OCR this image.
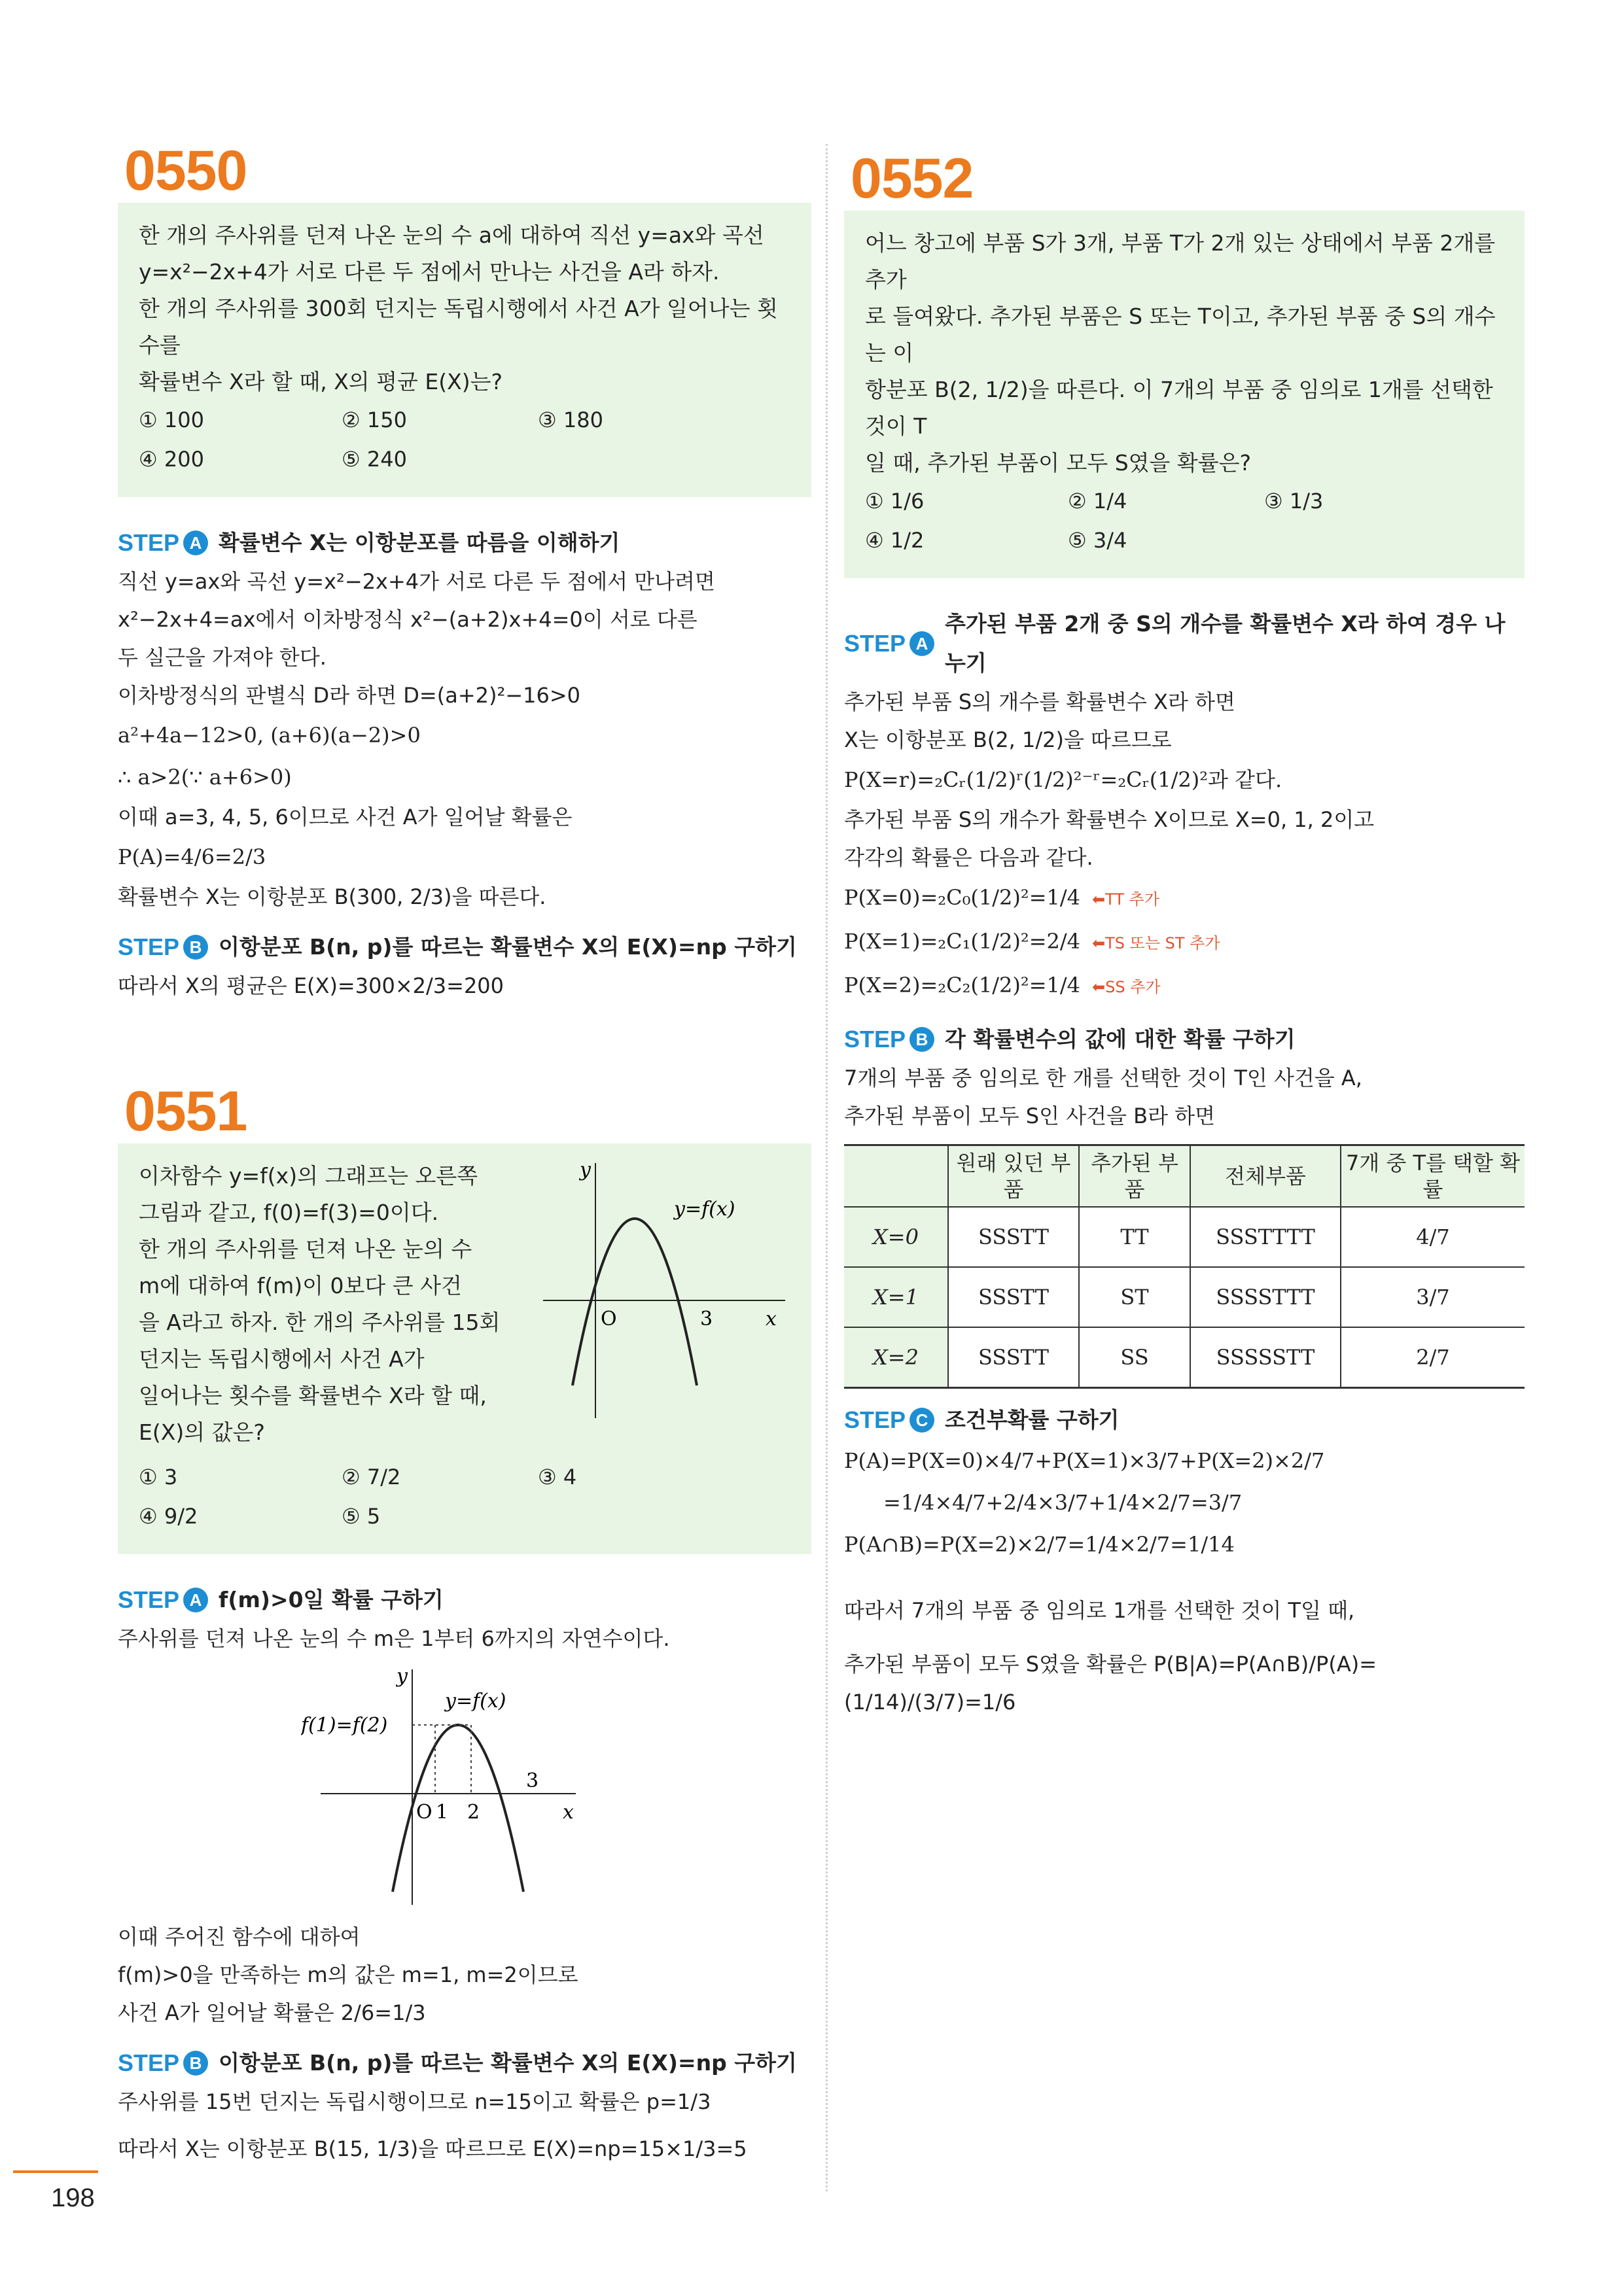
0550

한 개의 주사위를 던져 나온 눈의 수 a에 대하여 직선 y=ax와 곡선

y=x²−2x+4가 서로 다른 두 점에서 만나는 사건을 A라 하자.

한 개의 주사위를 300회 던지는 독립시행에서 사건 A가 일어나는 횟수를

확률변수 X라 할 때, X의 평균 E(X)는?

① 100	② 150	③ 180
④ 200	⑤ 240
STEP A 확률변수 X는 이항분포를 따름을 이해하기

직선 y=ax와 곡선 y=x²−2x+4가 서로 다른 두 점에서 만나려면

x²−2x+4=ax에서 이차방정식 x²−(a+2)x+4=0이 서로 다른

두 실근을 가져야 한다.

이차방정식의 판별식 D라 하면 D=(a+2)²−16>0

a²+4a−12>0, (a+6)(a−2)>0

∴ a>2(∵ a+6>0)

이때 a=3, 4, 5, 6이므로 사건 A가 일어날 확률은

P(A)=4/6=2/3

확률변수 X는 이항분포 B(300, 2/3)을 따른다.

STEP B 이항분포 B(n, p)를 따르는 확률변수 X의 E(X)=np 구하기

따라서 X의 평균은 E(X)=300×2/3=200

0551

이차함수 y=f(x)의 그래프는 오른쪽

그림과 같고, f(0)=f(3)=0이다.

한 개의 주사위를 던져 나온 눈의 수

m에 대하여 f(m)이 0보다 큰 사건

을 A라고 하자. 한 개의 주사위를 15회

던지는 독립시행에서 사건 A가

일어나는 횟수를 확률변수 X라 할 때,

E(X)의 값은?

y
x
y=f(x)
O	3
① 3	② 7/2	③ 4
④ 9/2	⑤ 5
STEP A f(m)>0일 확률 구하기

주사위를 던져 나온 눈의 수 m은 1부터 6까지의 자연수이다.

y
x
y=f(x)
f(1)=f(2)
O 1 2
3

이때 주어진 함수에 대하여

f(m)>0을 만족하는 m의 값은 m=1, m=2이므로

사건 A가 일어날 확률은 2/6=1/3

STEP B 이항분포 B(n, p)를 따르는 확률변수 X의 E(X)=np 구하기

주사위를 15번 던지는 독립시행이므로 n=15이고 확률은 p=1/3

따라서 X는 이항분포 B(15, 1/3)을 따르므로 E(X)=np=15×1/3=5

0552

어느 창고에 부품 S가 3개, 부품 T가 2개 있는 상태에서 부품 2개를 추가

로 들여왔다. 추가된 부품은 S 또는 T이고, 추가된 부품 중 S의 개수는 이

항분포 B(2, 1/2)을 따른다. 이 7개의 부품 중 임의로 1개를 선택한 것이 T

일 때, 추가된 부품이 모두 S였을 확률은?

① 1/6	② 1/4	③ 1/3
④ 1/2	⑤ 3/4
STEP A
추가된 부품 2개 중 S의 개수를 확률변수 X라 하여 경우 나누기

추가된 부품 S의 개수를 확률변수 X라 하면

X는 이항분포 B(2, 1/2)을 따르므로

P(X=r)=₂Cᵣ(1/2)ʳ(1/2)²⁻ʳ=₂Cᵣ(1/2)²과 같다.

추가된 부품 S의 개수가 확률변수 X이므로 X=0, 1, 2이고

각각의 확률은 다음과 같다.

P(X=0)=₂C₀(1/2)²=1/4 ⬅TT 추가

P(X=1)=₂C₁(1/2)²=2/4 ⬅TS 또는 ST 추가

P(X=2)=₂C₂(1/2)²=1/4 ⬅SS 추가

STEP B 각 확률변수의 값에 대한 확률 구하기

7개의 부품 중 임의로 한 개를 선택한 것이 T인 사건을 A,

추가된 부품이 모두 S인 사건을 B라 하면

	원래 있던 부품	추가된 부품	전체부품	7개 중 T를 택할 확률
X=0	SSSTT	TT	SSSTTTT	4/7
X=1	SSSTT	ST	SSSSTTT	3/7
X=2	SSSTT	SS	SSSSSTT	2/7
STEP C 조건부확률 구하기

P(A)=P(X=0)×4/7+P(X=1)×3/7+P(X=2)×2/7

=1/4×4/7+2/4×3/7+1/4×2/7=3/7

P(A∩B)=P(X=2)×2/7=1/4×2/7=1/14

따라서 7개의 부품 중 임의로 1개를 선택한 것이 T일 때,

추가된 부품이 모두 S였을 확률은 P(B|A)=P(A∩B)/P(A)=(1/14)/(3/7)=1/6

198
